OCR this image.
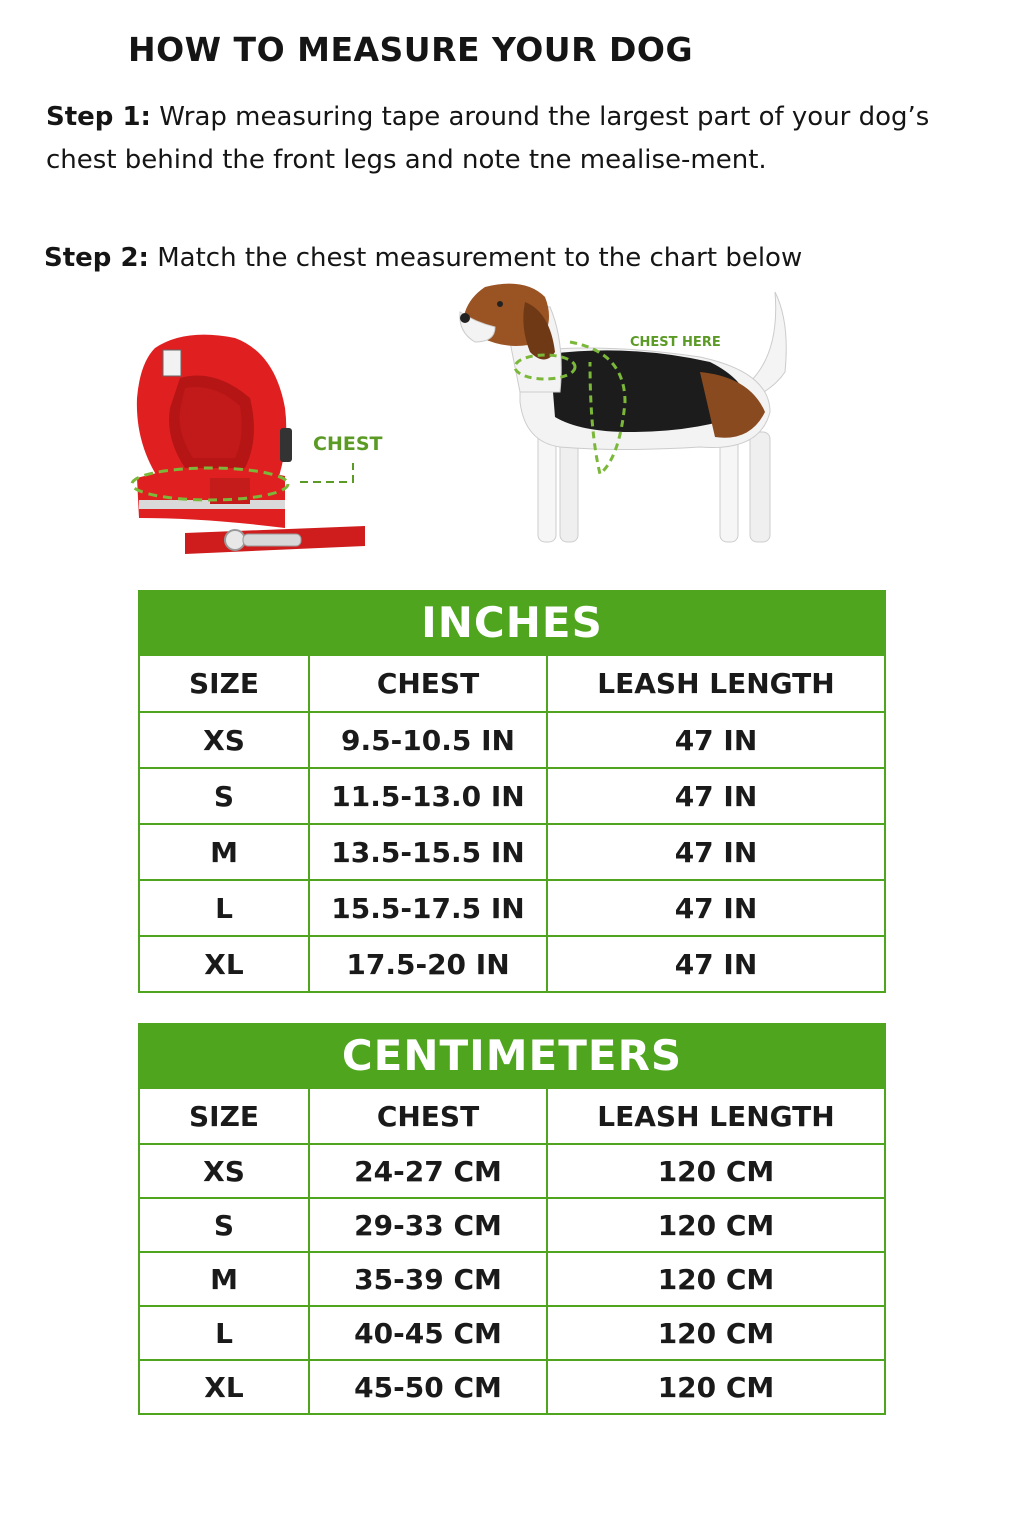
HOW TO MEASURE YOUR DOG

Step 1: Wrap measuring tape around the largest part of your dog’s chest behind the front legs and note tne mealise-ment.

Step 2: Match the chest measurement to the chart below

CHEST
CHEST HERE
INCHES
SIZE	CHEST	LEASH LENGTH
XS	9.5-10.5 IN	47 IN
S	11.5-13.0 IN	47 IN
M	13.5-15.5 IN	47 IN
L	15.5-17.5 IN	47 IN
XL	17.5-20 IN	47 IN
CENTIMETERS
SIZE	CHEST	LEASH LENGTH
XS	24-27 CM	120 CM
S	29-33 CM	120 CM
M	35-39 CM	120 CM
L	40-45 CM	120 CM
XL	45-50 CM	120 CM
